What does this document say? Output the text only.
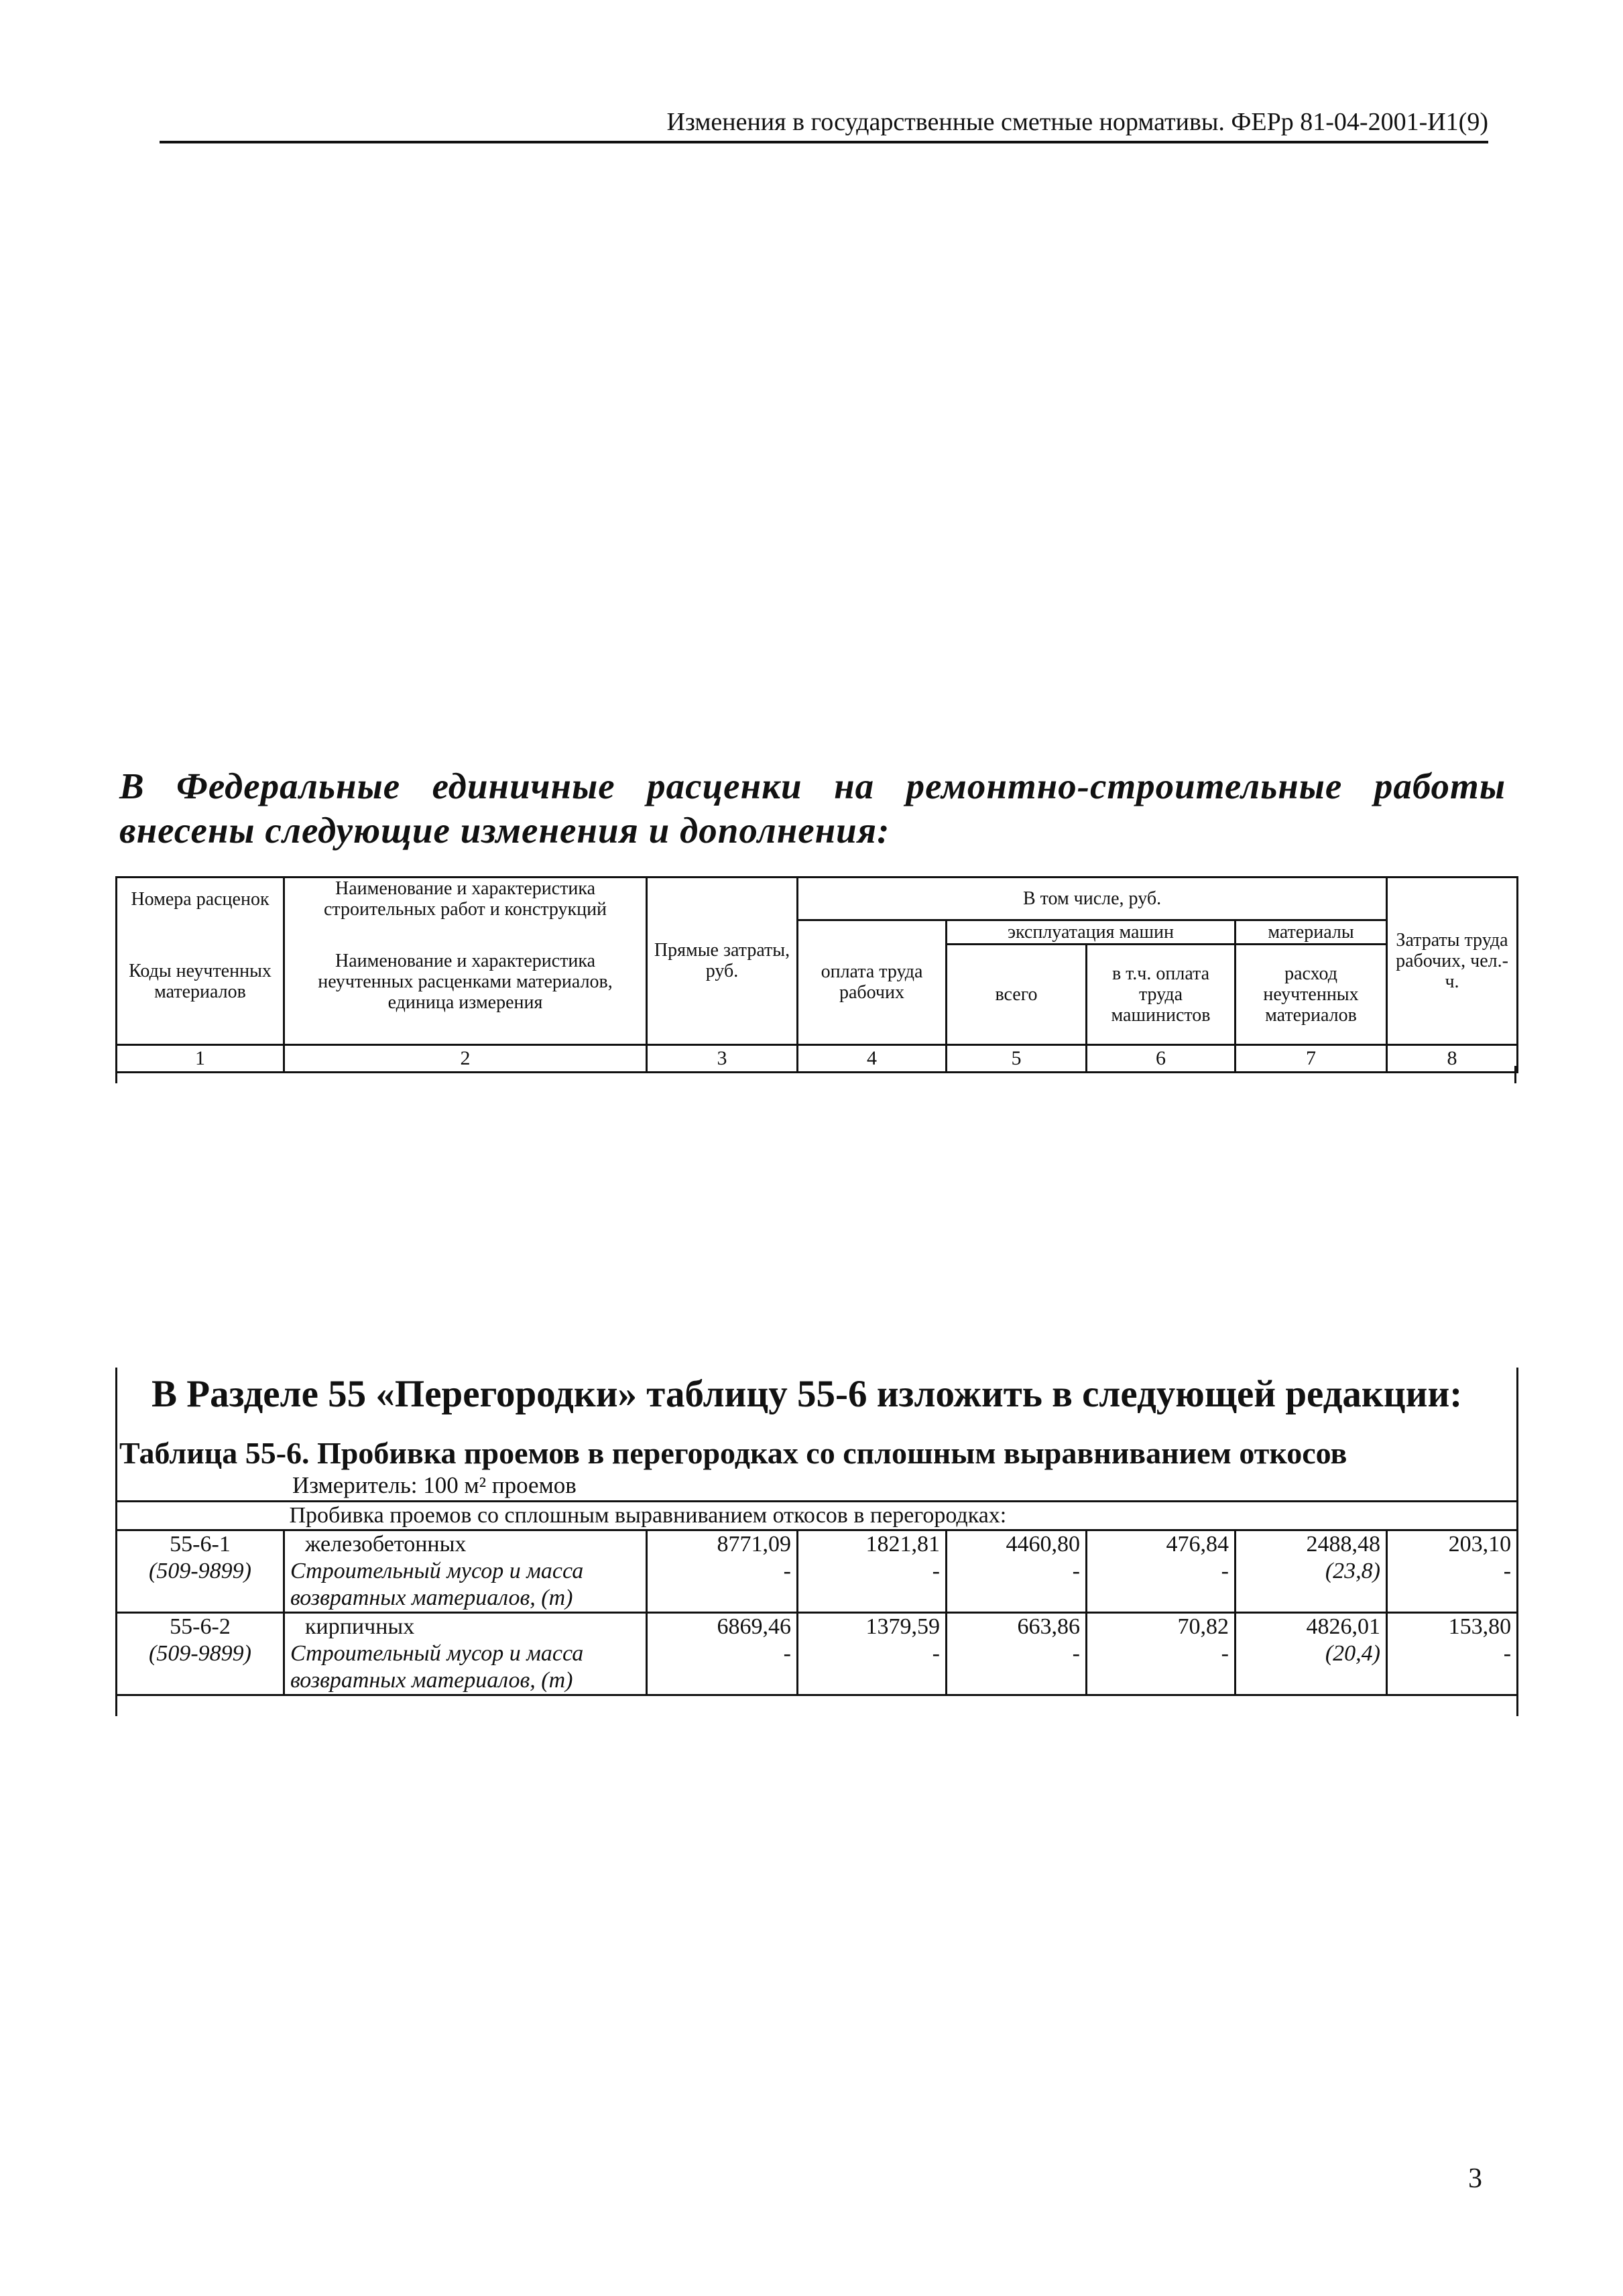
Изменения в государственные сметные нормативы. ФЕРр 81-04-2001-И1(9)
В Федеральные единичные расценки на ремонтно-строительные работы внесены следующие изменения и дополнения:
Номера расценок	Наименование и характеристика строительных работ и конструкций	Прямые затраты, руб.	В том числе, руб.				Затраты труда рабочих, чел.-ч.
Коды неучтенных материалов	Наименование и характеристика неучтенных расценками материалов, единица измерения		оплата труда рабочих	эксплуатация машин		материалы	
				всего	в т.ч. оплата труда машинистов	расход неучтенных материалов	
1	2	3	4	5	6	7	8
В Разделе 55 «Перегородки» таблицу 55-6 изложить в следующей редакции:
Таблица 55-6. Пробивка проемов в перегородках со сплошным выравниванием откосов
Измеритель: 100 м² проемов
	Пробивка проемов со сплошным выравниванием откосов в перегородках:						
55-6-1	железобетонных	8771,09	1821,81	4460,80	476,84	2488,48	203,10
(509-9899)	Строительный мусор и масса возвратных материалов, (т)	-	-	-	-	(23,8)	-
55-6-2	кирпичных	6869,46	1379,59	663,86	70,82	4826,01	153,80
(509-9899)	Строительный мусор и масса возвратных материалов, (т)	-	-	-	-	(20,4)	-
3
